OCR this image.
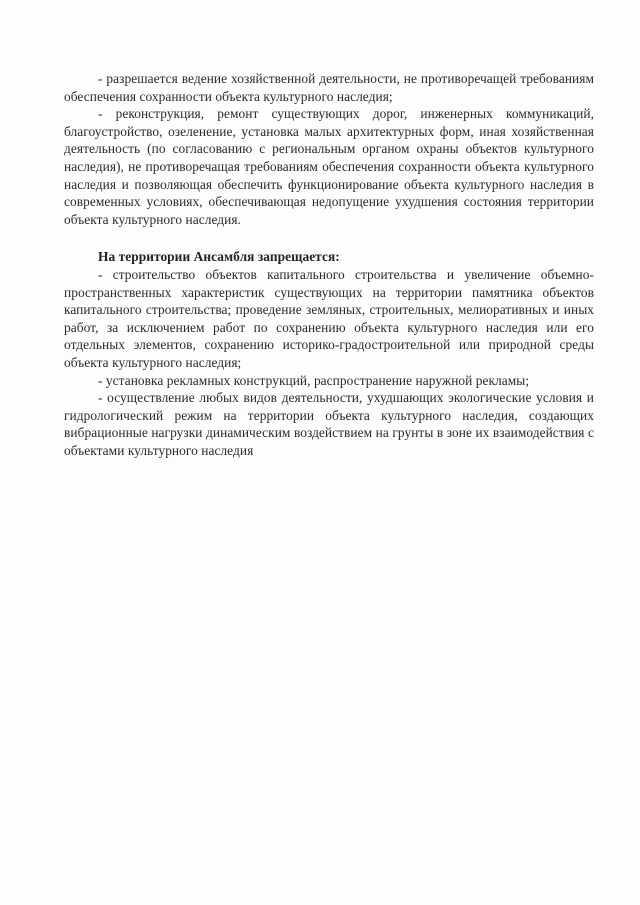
- разрешается ведение хозяйственной деятельности, не противоречащей требованиям обеспечения сохранности объекта культурного наследия;

- реконструкция, ремонт существующих дорог, инженерных коммуникаций, благоустройство, озеленение, установка малых архитектурных форм, иная хозяйственная деятельность (по согласованию с региональным органом охраны объектов культурного наследия), не противоречащая требованиям обеспечения сохранности объекта культурного наследия и позволяющая обеспечить функционирование объекта культурного наследия в современных условиях, обеспечивающая недопущение ухудшения состояния территории объекта культурного наследия.

На территории Ансамбля запрещается:

- строительство объектов капитального строительства и увеличение объемно-пространственных характеристик существующих на территории памятника объектов капитального строительства; проведение земляных, строительных, мелиоративных и иных работ, за исключением работ по сохранению объекта культурного наследия или его отдельных элементов, сохранению историко-градостроительной или природной среды объекта культурного наследия;

- установка рекламных конструкций, распространение наружной рекламы;

- осуществление любых видов деятельности, ухудшающих экологические условия и гидрологический режим на территории объекта культурного наследия, создающих вибрационные нагрузки динамическим воздействием на грунты в зоне их взаимодействия с объектами культурного наследия
